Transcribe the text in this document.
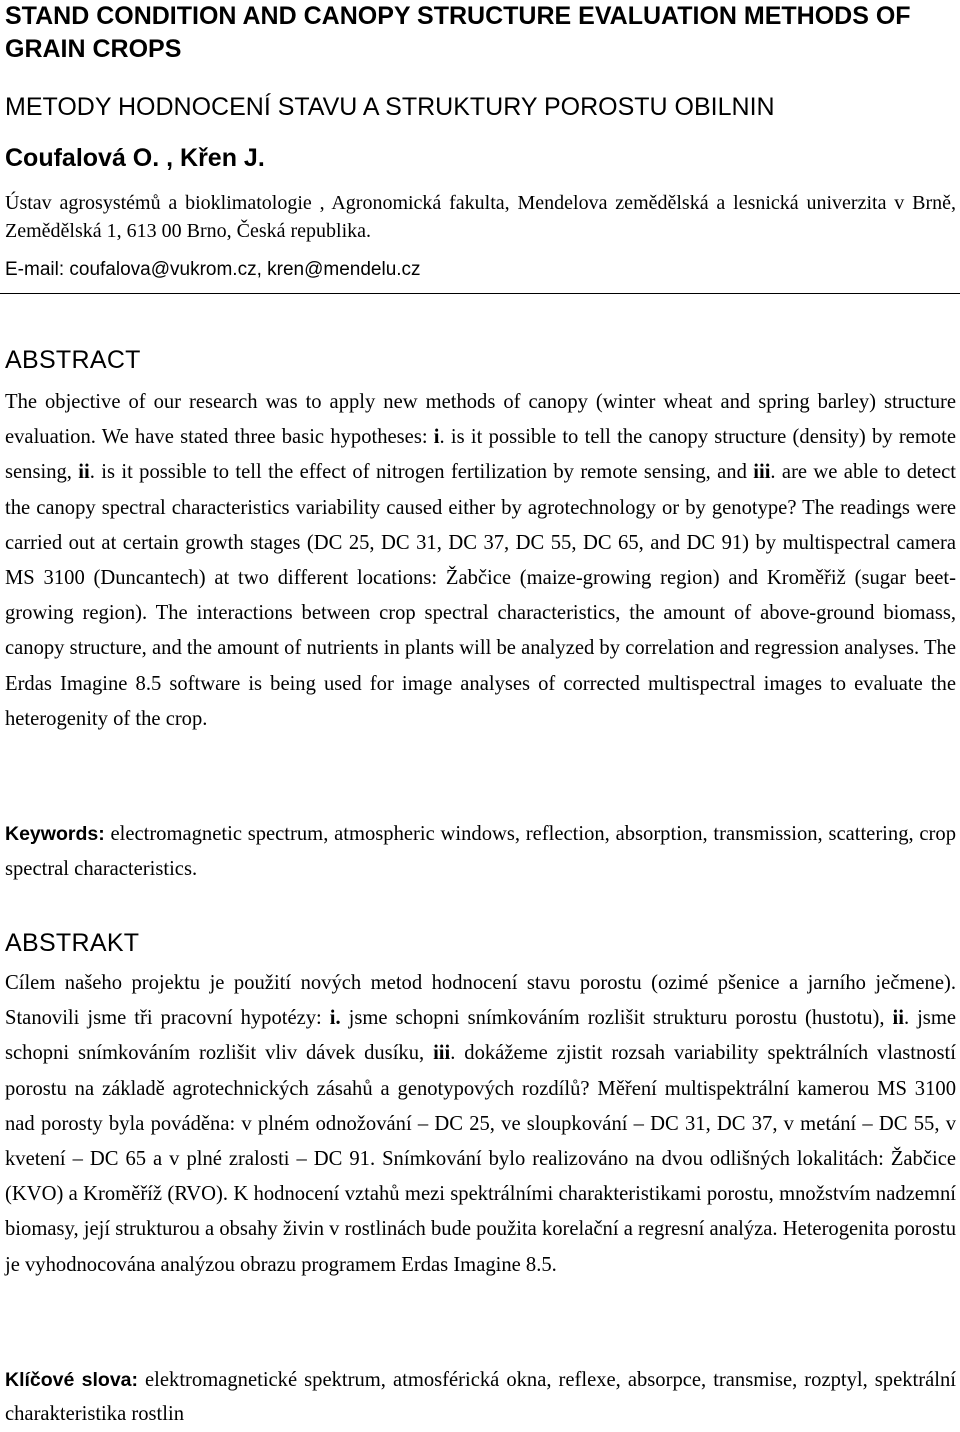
STAND CONDITION AND CANOPY STRUCTURE EVALUATION METHODS OF GRAIN CROPS

METODY HODNOCENÍ STAVU A STRUKTURY POROSTU OBILNIN

Coufalová O. , Křen J.

Ústav agrosystémů a bioklimatologie , Agronomická fakulta, Mendelova zemědělská a lesnická univerzita v Brně, Zemědělská 1, 613 00 Brno, Česká republika.

E-mail: coufalova@vukrom.cz, kren@mendelu.cz

ABSTRACT

The objective of our research was to apply new methods of canopy (winter wheat and spring barley) structure evaluation. We have stated three basic hypotheses: i. is it possible to tell the canopy structure (density) by remote sensing, ii. is it possible to tell the effect of nitrogen fertilization by remote sensing, and iii. are we able to detect the canopy spectral characteristics variability caused either by agrotechnology or by genotype? The readings were carried out at certain growth stages (DC 25, DC 31, DC 37, DC 55, DC 65, and DC 91) by multispectral camera MS 3100 (Duncantech) at two different locations: Žabčice (maize-growing region) and Kroměřiž (sugar beet-growing region). The interactions between crop spectral characteristics, the amount of above-ground biomass, canopy structure, and the amount of nutrients in plants will be analyzed by correlation and regression analyses. The Erdas Imagine 8.5 software is being used for image analyses of corrected multispectral images to evaluate the heterogenity of the crop.

Keywords: electromagnetic spectrum, atmospheric windows, reflection, absorption, transmission, scattering, crop spectral characteristics.

ABSTRAKT

Cílem našeho projektu je použití nových metod hodnocení stavu porostu (ozimé pšenice a jarního ječmene). Stanovili jsme tři pracovní hypotézy: i. jsme schopni snímkováním rozlišit strukturu porostu (hustotu), ii. jsme schopni snímkováním rozlišit vliv dávek dusíku, iii. dokážeme zjistit rozsah variability spektrálních vlastností porostu na základě agrotechnických zásahů a genotypových rozdílů? Měření multispektrální kamerou MS 3100 nad porosty byla pováděna: v plném odnožování – DC 25, ve sloupkování – DC 31, DC 37, v metání – DC 55, v kvetení – DC 65 a v plné zralosti – DC 91. Snímkování bylo realizováno na dvou odlišných lokalitách: Žabčice (KVO) a Kroměříž (RVO). K hodnocení vztahů mezi spektrálními charakteristikami porostu, množstvím nadzemní biomasy, její strukturou a obsahy živin v rostlinách bude použita korelační a regresní analýza. Heterogenita porostu je vyhodnocována analýzou obrazu programem Erdas Imagine 8.5.

Klíčové slova: elektromagnetické spektrum, atmosférická okna, reflexe, absorpce, transmise, rozptyl, spektrální charakteristika rostlin
